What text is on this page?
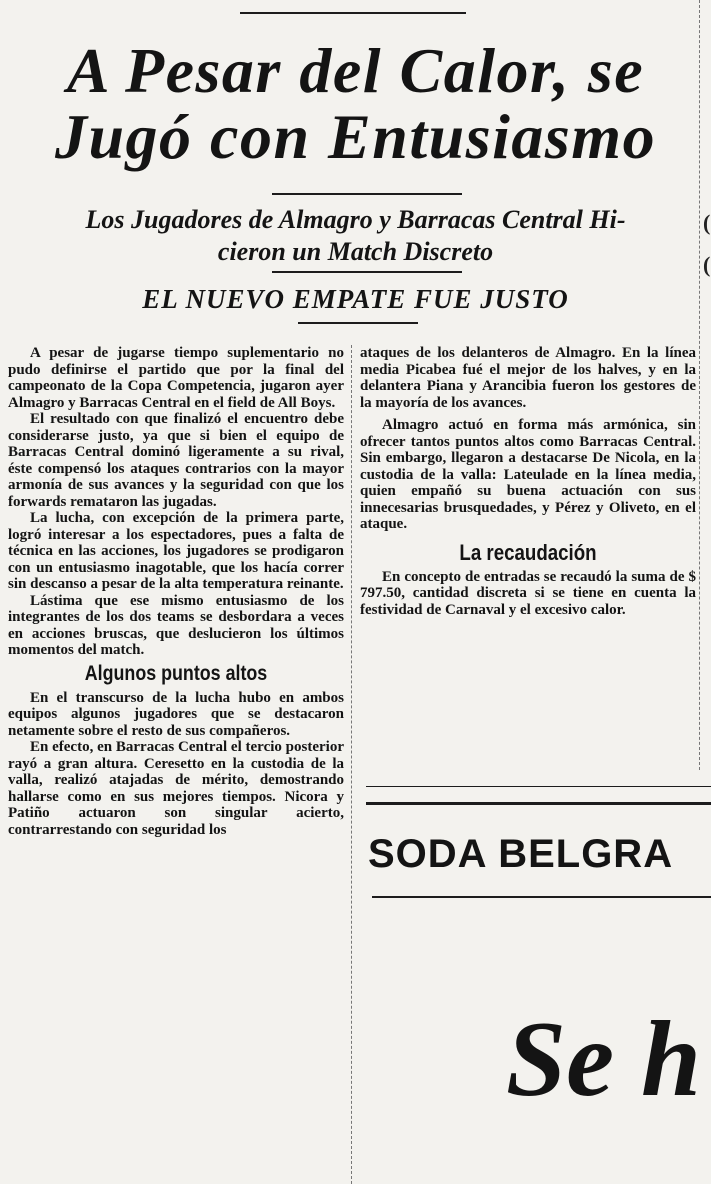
(
(
A Pesar del Calor, se
Jugó con Entusiasmo
Los Jugadores de Almagro y Barracas Central Hi-
cieron un Match Discreto
EL NUEVO EMPATE FUE JUSTO

A pesar de jugarse tiempo suplementario no pudo definirse el partido que por la final del campeonato de la Copa Competencia, jugaron ayer Almagro y Barracas Central en el field de All Boys.

El resultado con que finalizó el encuentro debe considerarse justo, ya que si bien el equipo de Barracas Central dominó ligeramente a su rival, éste compensó los ataques contrarios con la mayor armonía de sus avances y la seguridad con que los forwards remataron las jugadas.

La lucha, con excepción de la primera parte, logró interesar a los espectadores, pues a falta de técnica en las acciones, los jugadores se prodigaron con un entusiasmo inagotable, que los hacía correr sin descanso a pesar de la alta temperatura reinante.

Lástima que ese mismo entusiasmo de los integrantes de los dos teams se desbordara a veces en acciones bruscas, que deslucieron los últimos momentos del match.

Algunos puntos altos

En el transcurso de la lucha hubo en ambos equipos algunos jugadores que se destacaron netamente sobre el resto de sus compañeros.

En efecto, en Barracas Central el tercio posterior rayó a gran altura. Ceresetto en la custodia de la valla, realizó atajadas de mérito, demostrando hallarse como en sus mejores tiempos. Nicora y Patiño actuaron son singular acierto, contrarrestando con seguridad los

ataques de los delanteros de Almagro. En la línea media Picabea fué el mejor de los halves, y en la delantera Piana y Arancibia fueron los gestores de la mayoría de los avances.

Almagro actuó en forma más armónica, sin ofrecer tantos puntos altos como Barracas Central. Sin embargo, llegaron a destacarse De Nicola, en la custodia de la valla: Lateulade en la línea media, quien empañó su buena actuación con sus innecesarias brusquedades, y Pérez y Oliveto, en el ataque.

La recaudación

En concepto de entradas se recaudó la suma de $ 797.50, cantidad discreta si se tiene en cuenta la festividad de Carnaval y el excesivo calor.

SODA BELGRA
Se h
